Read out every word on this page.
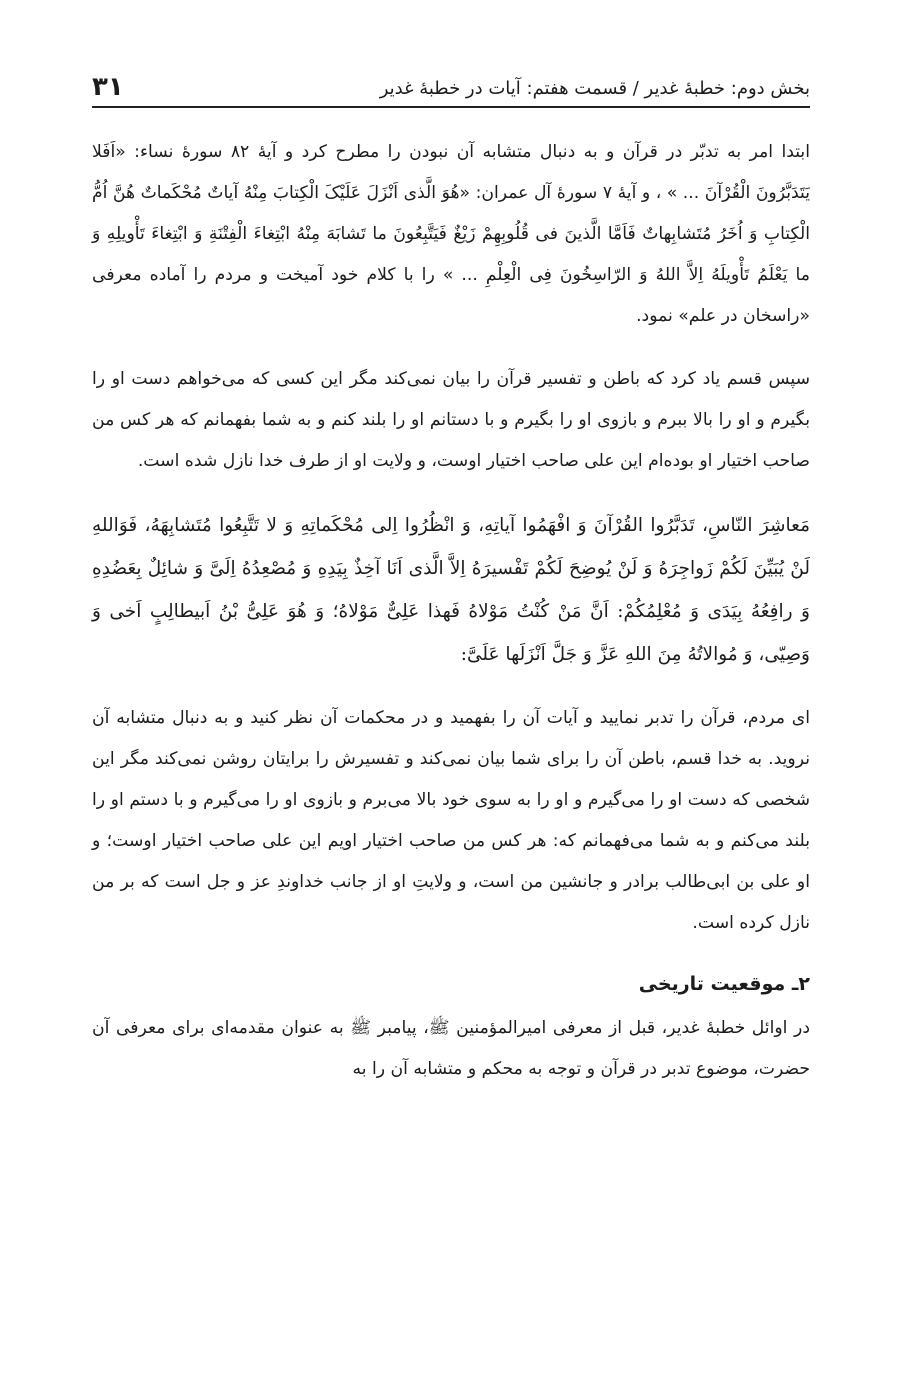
بخش دوم: خطبهٔ غدیر / قسمت هفتم: آیات در خطبهٔ غدیر
۳۱

ابتدا امر به تدبّر در قرآن و به دنبال متشابه آن نبودن را مطرح کرد و آیهٔ ۸۲ سورهٔ نساء: «اَفَلا یَتَدَبَّرُونَ الْقُرْآنَ ... » ، و آیهٔ ۷ سورهٔ آل عمران: «هُوَ الَّذی اَنْزَلَ عَلَیْکَ الْکِتابَ مِنْهُ آیاتٌ مُحْکَماتٌ هُنَّ اُمُّ الْکِتابِ وَ اُخَرُ مُتَشابِهاتٌ فَاَمَّا الَّذینَ فی قُلُوبِهِمْ زَیْغٌ فَیَتَّبِعُونَ ما تَشابَهَ مِنْهُ ابْتِغاءَ الْفِتْنَةِ وَ ابْتِغاءَ تَأْویلِهِ وَ ما یَعْلَمُ تَأْویلَهُ اِلاَّ اللهُ وَ الرّاسِخُونَ فِی الْعِلْمِ ... » را با کلام خود آمیخت و مردم را آماده معرفی «راسخان در علم» نمود.

سپس قسم یاد کرد که باطن و تفسیر قرآن را بیان نمی‌کند مگر این کسی که می‌خواهم دست او را بگیرم و او را بالا ببرم و بازوی او را بگیرم و با دستانم او را بلند کنم و به شما بفهمانم که هر کس من صاحب اختیار او بوده‌ام این علی صاحب اختیار اوست، و ولایت او از طرف خدا نازل شده است.

مَعاشِرَ النّاسِ، تَدَبَّرُوا القُرْآنَ وَ افْهَمُوا آیاتِهِ، وَ انْظُرُوا اِلی مُحْکَماتِهِ وَ لا تَتَّبِعُوا مُتَشابِهَهُ، فَوَاللهِ لَنْ یُبَیِّنَ لَکُمْ زَواجِرَهُ وَ لَنْ یُوضِحَ لَکُمْ تَفْسیرَهُ اِلاَّ الَّذی اَنَا آخِذٌ بِیَدِهِ وَ مُصْعِدُهُ اِلَیَّ وَ شائِلٌ بِعَضُدِهِ وَ رافِعُهُ بِیَدَی وَ مُعْلِمُکُمْ: اَنَّ مَنْ کُنْتُ مَوْلاهُ فَهذا عَلِیٌّ مَوْلاهُ؛ وَ هُوَ عَلِیُّ بْنُ اَبیطالِبٍ اَخی وَ وَصِیّی، وَ مُوالاتُهُ مِنَ اللهِ عَزَّ وَ جَلَّ اَنْزَلَها عَلَیَّ:

ای مردم، قرآن را تدبر نمایید و آیات آن را بفهمید و در محکمات آن نظر کنید و به دنبال متشابه آن نروید. به خدا قسم، باطن آن را برای شما بیان نمی‌کند و تفسیرش را برایتان روشن نمی‌کند مگر این شخصی که دست او را می‌گیرم و او را به سوی خود بالا می‌برم و بازوی او را می‌گیرم و با دستم او را بلند می‌کنم و به شما می‌فهمانم که: هر کس من صاحب اختیار اویم این علی صاحب اختیار اوست؛ و او علی بن ابی‌طالب برادر و جانشین من است، و ولایتِ او از جانب خداوندِ عز و جل است که بر من نازل کرده است.

۲ـ موقعیت تاریخی

در اوائل خطبهٔ غدیر، قبل از معرفی امیرالمؤمنین ﷺ، پیامبر ﷺ به عنوان مقدمه‌ای برای معرفی آن حضرت، موضوع تدبر در قرآن و توجه به محکم و متشابه آن را به
